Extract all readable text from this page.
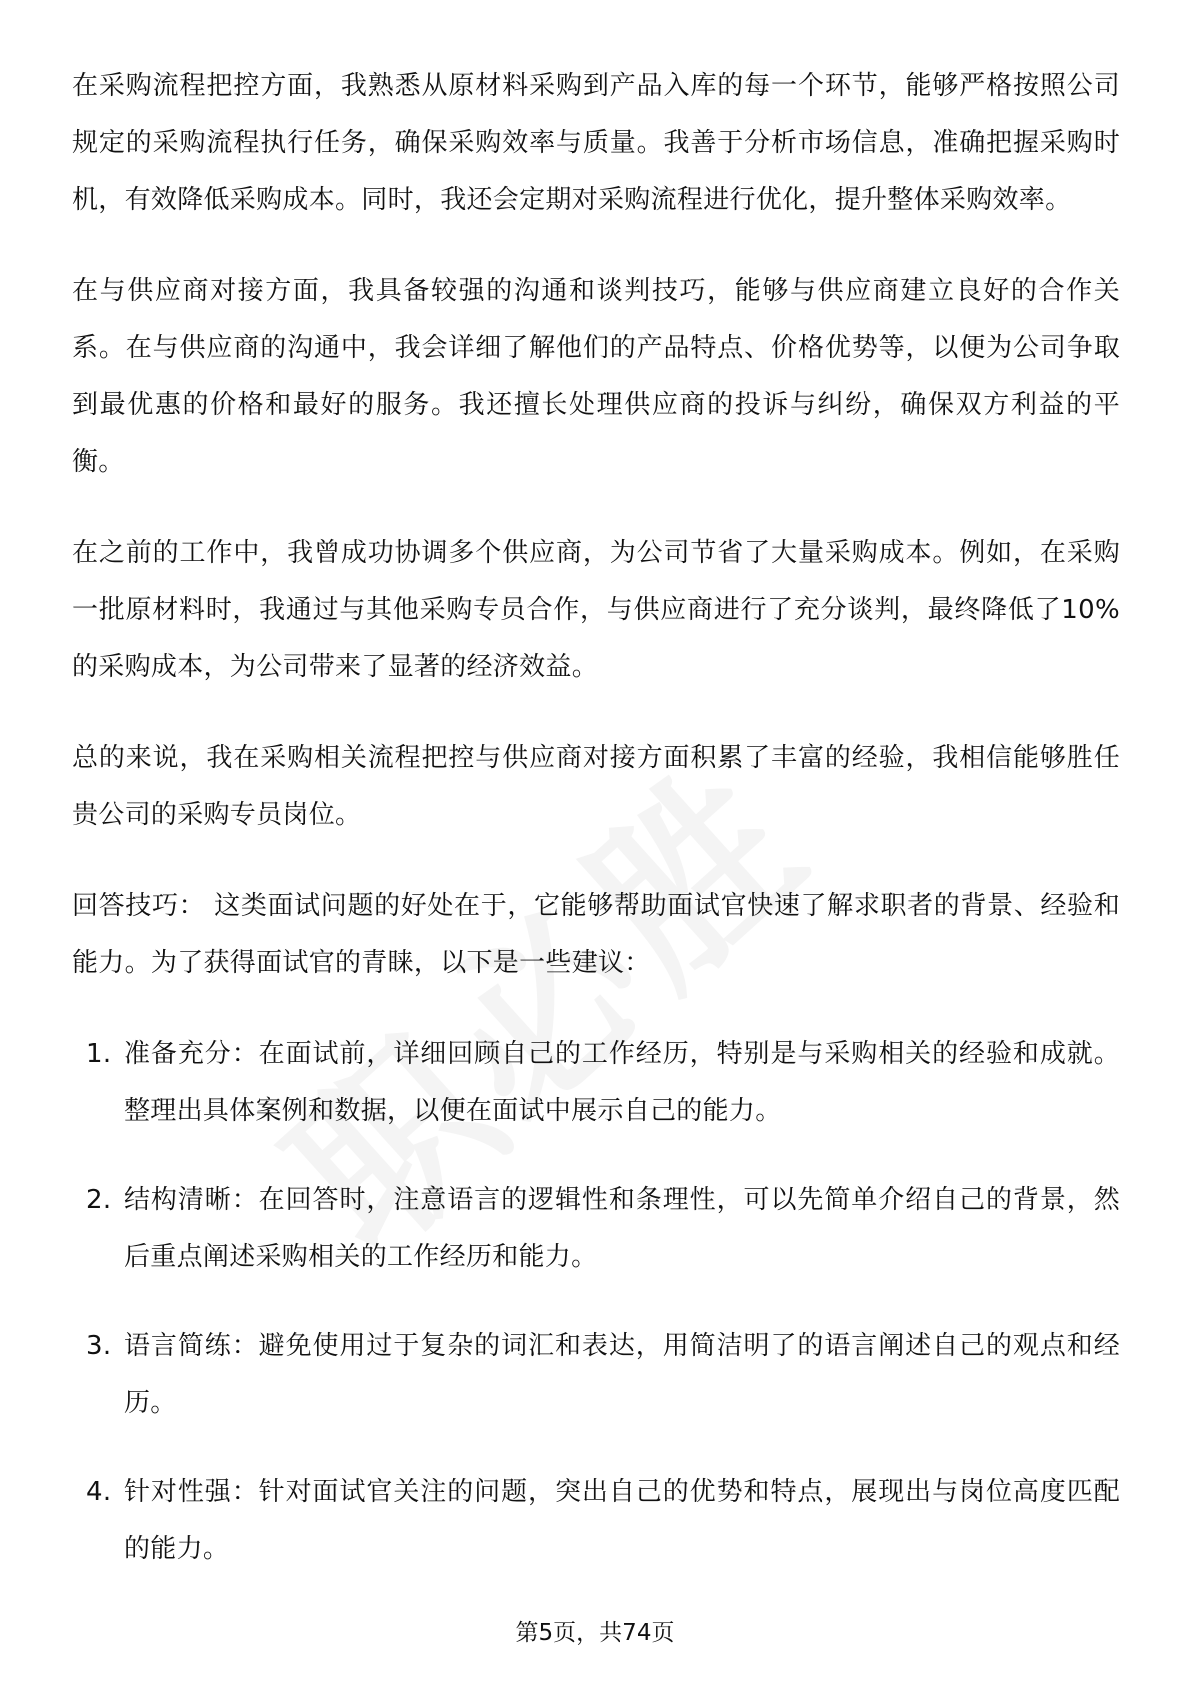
在采购流程把控方面，我熟悉从原材料采购到产品入库的每一个环节，能够严格按照公司规定的采购流程执行任务，确保采购效率与质量。我善于分析市场信息，准确把握采购时机，有效降低采购成本。同时，我还会定期对采购流程进行优化，提升整体采购效率。

在与供应商对接方面，我具备较强的沟通和谈判技巧，能够与供应商建立良好的合作关系。在与供应商的沟通中，我会详细了解他们的产品特点、价格优势等，以便为公司争取到最优惠的价格和最好的服务。我还擅长处理供应商的投诉与纠纷，确保双方利益的平衡。

在之前的工作中，我曾成功协调多个供应商，为公司节省了大量采购成本。例如，在采购一批原材料时，我通过与其他采购专员合作，与供应商进行了充分谈判，最终降低了10%的采购成本，为公司带来了显著的经济效益。

总的来说，我在采购相关流程把控与供应商对接方面积累了丰富的经验，我相信能够胜任贵公司的采购专员岗位。

回答技巧： 这类面试问题的好处在于，它能够帮助面试官快速了解求职者的背景、经验和能力。为了获得面试官的青睐，以下是一些建议：

1. 准备充分：在面试前，详细回顾自己的工作经历，特别是与采购相关的经验和成就。整理出具体案例和数据，以便在面试中展示自己的能力。
2. 结构清晰：在回答时，注意语言的逻辑性和条理性，可以先简单介绍自己的背景，然后重点阐述采购相关的工作经历和能力。
3. 语言简练：避免使用过于复杂的词汇和表达，用简洁明了的语言阐述自己的观点和经历。
4. 针对性强：针对面试官关注的问题，突出自己的优势和特点，展现出与岗位高度匹配的能力。
第5页，共74页
